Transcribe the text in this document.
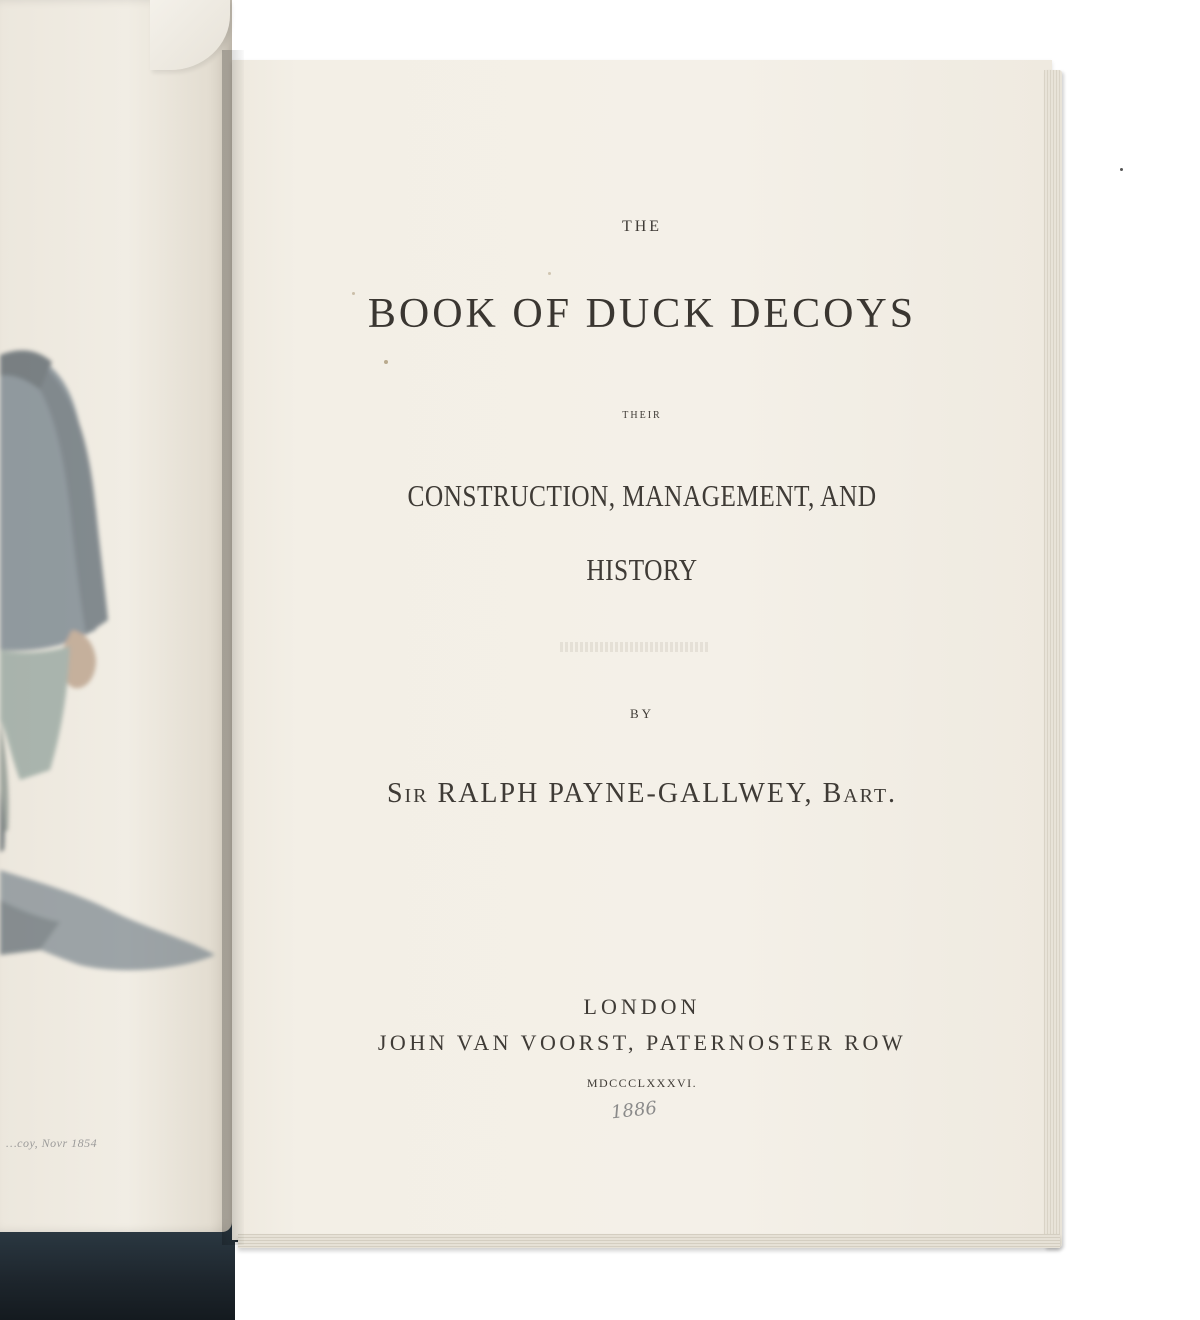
…coy, Novr 1854
THE
BOOK OF DUCK DECOYS
THEIR
CONSTRUCTION, MANAGEMENT, AND
HISTORY
BY
Sir RALPH PAYNE-GALLWEY, Bart.
LONDON
JOHN VAN VOORST, PATERNOSTER ROW
MDCCCLXXXVI.
1886
